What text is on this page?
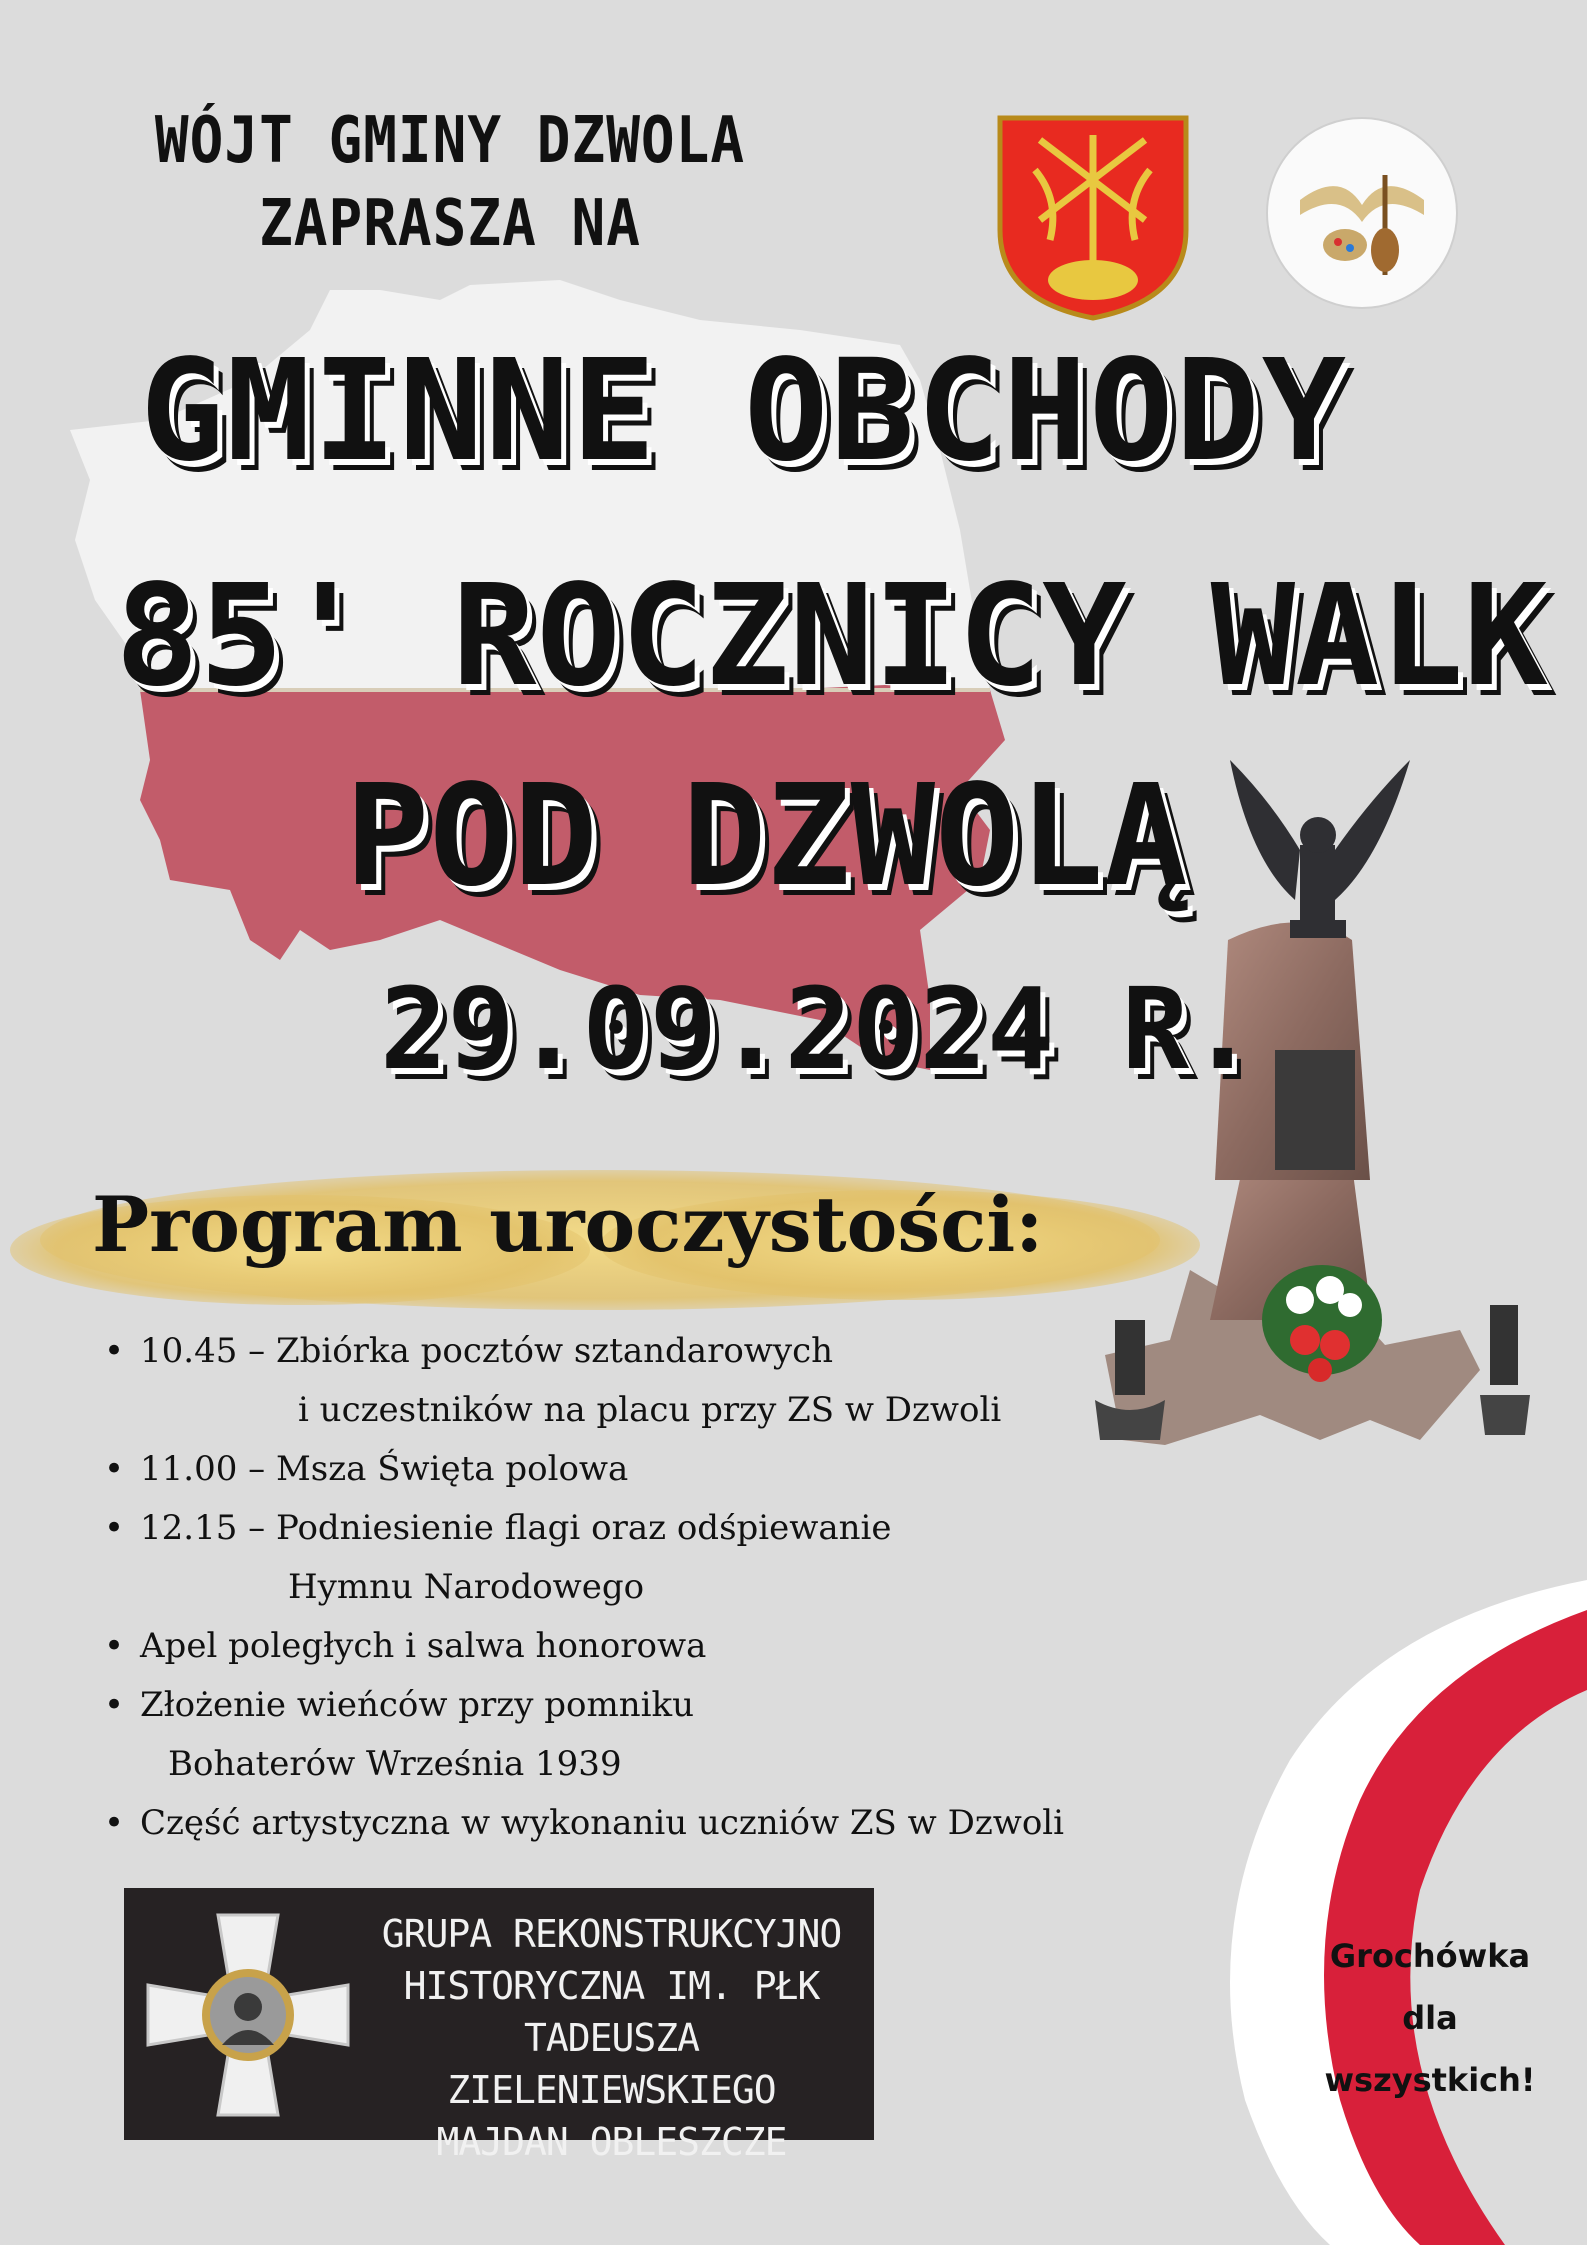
WÓJT GMINY DZWOLA
ZAPRASZA NA
GMINNE OBCHODY
85' ROCZNICY WALK
POD DZWOLĄ
29.09.2024 R.
Program uroczystości:
• 10.45 – Zbiórka pocztów sztandarowych
i uczestników na placu przy ZS w Dzwoli
• 11.00 – Msza Święta polowa
• 12.15 – Podniesienie flagi oraz odśpiewanie
Hymnu Narodowego
• Apel poległych i salwa honorowa
• Złożenie wieńców przy pomniku
Bohaterów Września 1939
• Część artystyczna w wykonaniu uczniów ZS w Dzwoli
GRUPA REKONSTRUKCYJNO
HISTORYCZNA IM. PŁK
TADEUSZA ZIELENIEWSKIEGO
MAJDAN OBLESZCZE
Grochówka
dla
wszystkich!
